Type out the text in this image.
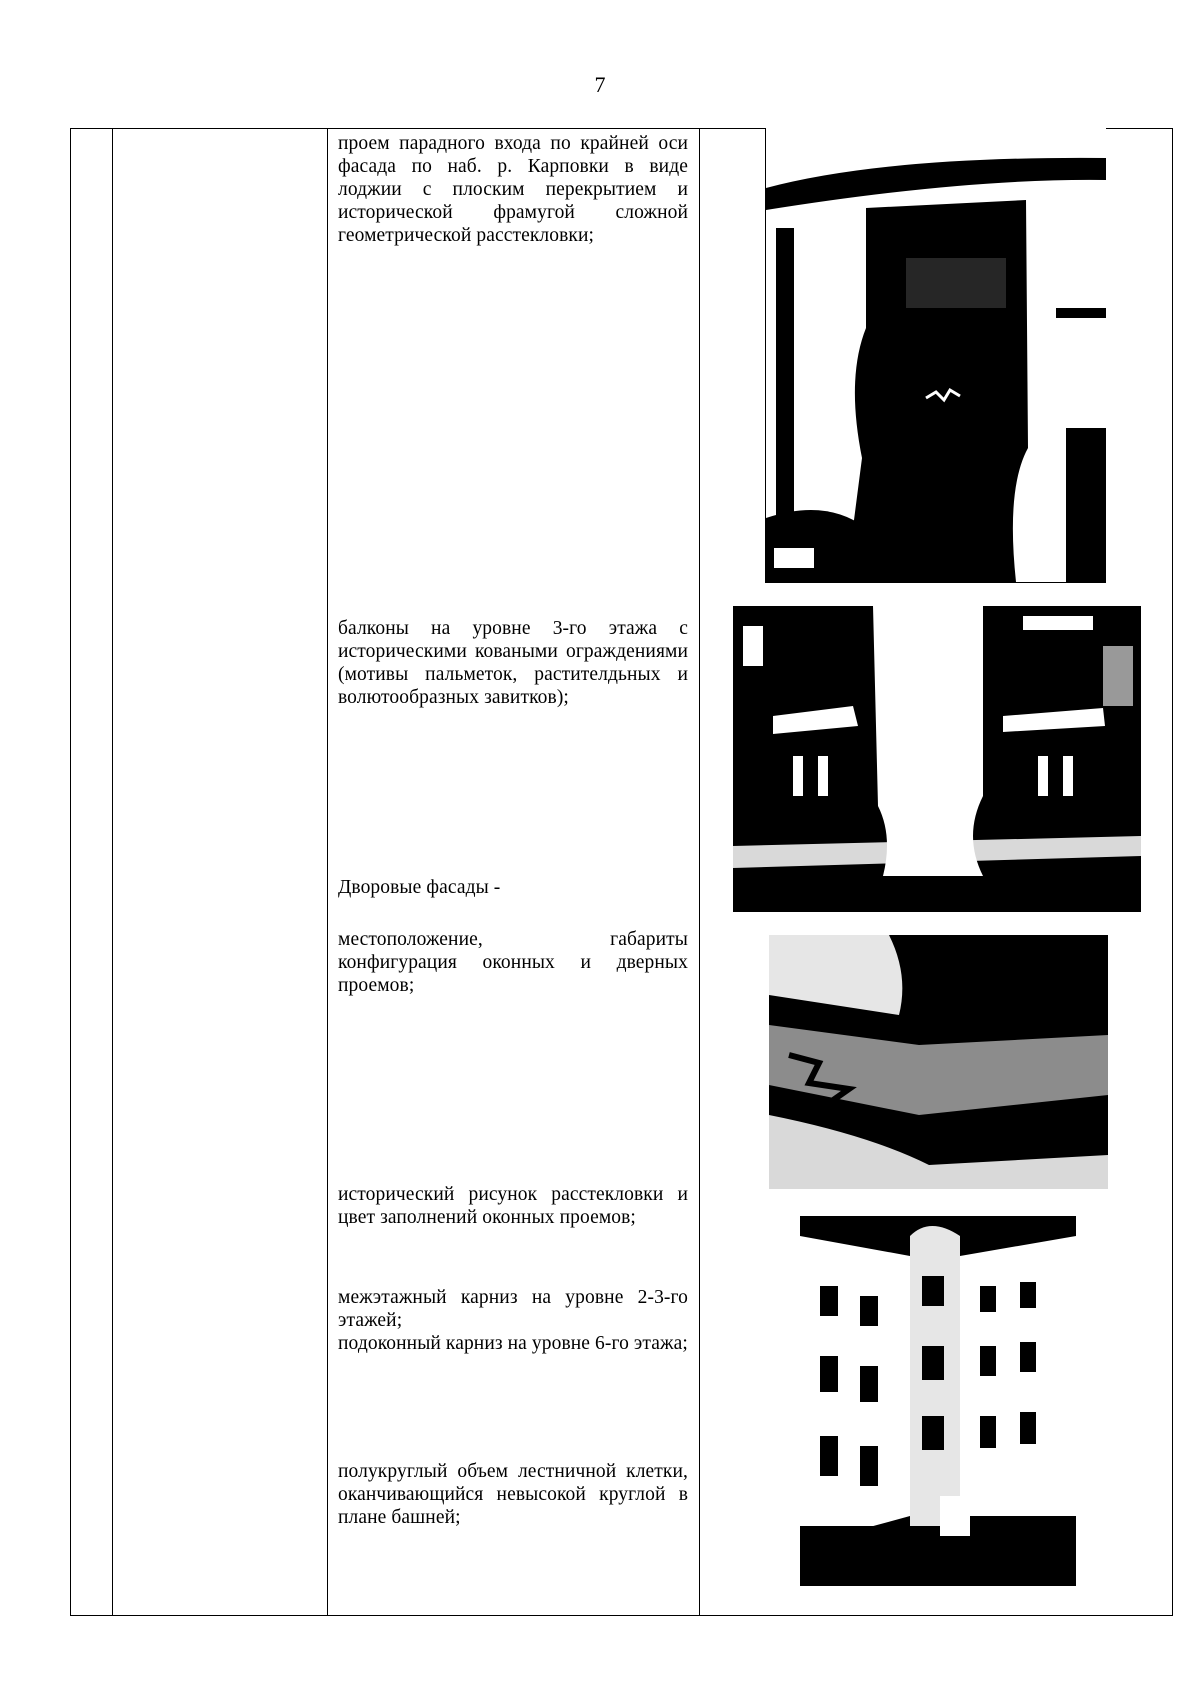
7
проем парадного входа по крайней оси фасада по наб. р. Карповки в виде лоджии с плоским перекрытием и исторической фрамугой сложной геометрической расстекловки;
балконы на уровне 3-го этажа с историческими коваными ограждениями (мотивы пальметок, растителдьных и волютообразных завитков);
Дворовые фасады -
местоположение, габариты конфигурация оконных и дверных проемов;
исторический рисунок расстекловки и цвет заполнений оконных проемов;
межэтажный карниз на уровне 2-3-го этажей;
подоконный карниз на уровне 6-го этажа;
полукруглый объем лестничной клетки, оканчивающийся невысокой круглой в плане башней;
